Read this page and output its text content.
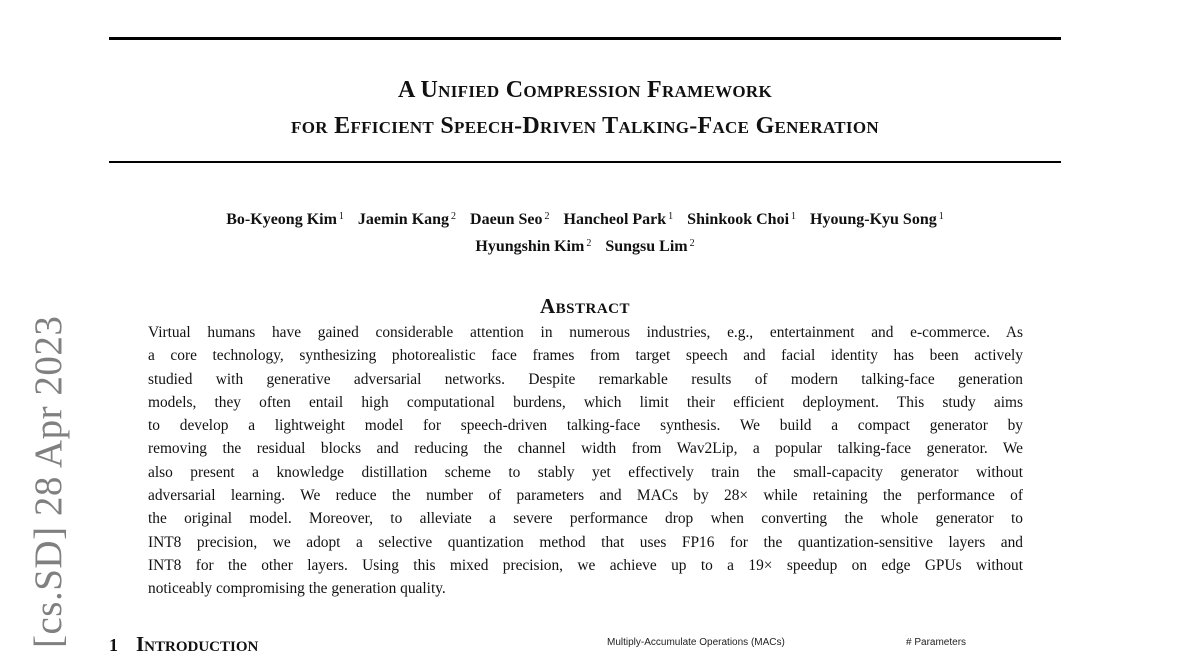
A Unified Compression Framework
for Efficient Speech-Driven Talking-Face Generation
Bo-Kyeong Kim $^1$ Jaemin Kang $^2$ Daeun Seo $^2$ Hancheol Park $^1$ Shinkook Choi $^1$ Hyoung-Kyu Song $^1$
Hyungshin Kim $^2$ Sungsu Lim $^2$
Abstract
Virtual humans have gained considerable attention in numerous industries, e.g., entertainment and e-commerce. As
a core technology, synthesizing photorealistic face frames from target speech and facial identity has been actively
studied with generative adversarial networks. Despite remarkable results of modern talking-face generation
models, they often entail high computational burdens, which limit their efficient deployment. This study aims
to develop a lightweight model for speech-driven talking-face synthesis. We build a compact generator by
removing the residual blocks and reducing the channel width from Wav2Lip, a popular talking-face generator. We
also present a knowledge distillation scheme to stably yet effectively train the small-capacity generator without
adversarial learning. We reduce the number of parameters and MACs by 28× while retaining the performance of
the original model. Moreover, to alleviate a severe performance drop when converting the whole generator to
INT8 precision, we adopt a selective quantization method that uses FP16 for the quantization-sensitive layers and
INT8 for the other layers. Using this mixed precision, we achieve up to a 19× speedup on edge GPUs without
noticeably compromising the generation quality.
[cs.SD] 28 Apr 2023 1 Introduction	Multiply-Accumulate Operations (MACs)	# Parameters
